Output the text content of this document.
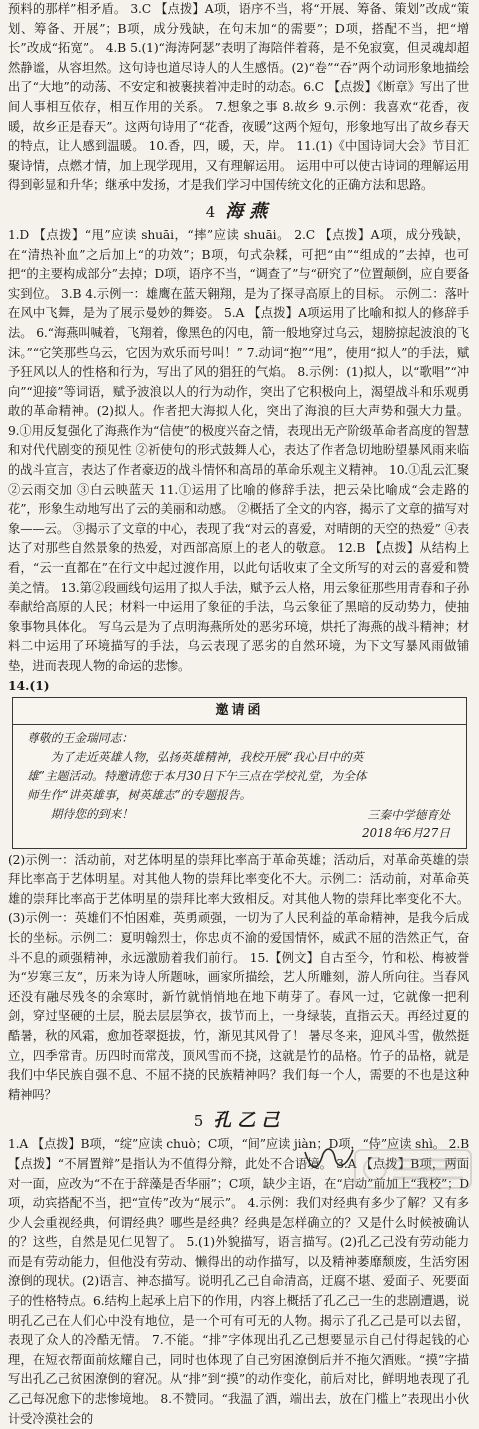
预料的那样”相矛盾。 3.C 【点拨】A项，语序不当，将“开展、筹备、策划”改成“策划、筹备、开展”；B项，成分残缺，在句末加“的需要”；D项，搭配不当，把“增长”改成“拓宽”。 4.B 5.(1)“海涛阿瑟”表明了海陪伴着蒋，是不免寂寞，但灵魂却超然静谧，从容坦然。这句诗也道尽诗人的人生感悟。(2)“卷”“吞”两个动词形象地描绘出了“大地”的动荡、不安定和被裹挟着冲走时的动态。6.C 【点拨】《断章》写出了世间人事相互依存，相互作用的关系。 7.想象之事 8.故乡 9.示例：我喜欢“花香，夜暖，故乡正是春天”。这两句诗用了“花香，夜暖”这两个短句，形象地写出了故乡春天的特点，让人感到温暖。 10.香，四，暖，天，岸。 11.(1)《中国诗词大会》节目汇聚诗情，点燃才情，加上现学现用，又有理解运用。 运用中可以使古诗词的理解运用得到彰显和升华；继承中发扬，才是我们学习中国传统文化的正确方法和思路。

4 海燕

1.D 【点拨】“甩”应读 shuāi，“摔”应读 shuāi。 2.C 【点拨】A项，成分残缺，在“清热补血”之后加上“的功效”；B项，句式杂糅，可把“由”“组成的”去掉，也可把“的主要构成部分”去掉；D项，语序不当，“调查了”与“研究了”位置颠倒，应自要备实到位。 3.B 4.示例一：雄鹰在蓝天翱翔，是为了探寻高原上的目标。 示例二：落叶在风中飞舞，是为了展示曼妙的舞姿。 5.A 【点拨】A项运用了比喻和拟人的修辞手法。 6.“海燕叫喊着，飞翔着，像黑色的闪电，箭一般地穿过乌云，翅膀掠起波浪的飞沫。”“它笑那些乌云，它因为欢乐而号叫！” 7.动词“抱”“甩”，使用“拟人”的手法，赋予狂风以人的性格和行为，写出了风的猖狂的气焰。 8.示例：(1)拟人，以“歌唱”“冲向”“迎接”等词语，赋予波浪以人的行为动作，突出了它积极向上，渴望战斗和乐观勇敢的革命精神。(2)拟人。作者把大海拟人化，突出了海浪的巨大声势和强大力量。 9.①用反复强化了海燕作为“信使”的极度兴奋之情，表现出无产阶级革命者高度的智慧和对代代剧变的预见性 ②祈使句的形式鼓舞人心，表达了作者急切地盼望暴风雨来临的战斗宣言，表达了作者豪迈的战斗情怀和高昂的革命乐观主义精神。 10.①乱云汇聚 ②云雨交加 ③白云映蓝天 11.①运用了比喻的修辞手法，把云朵比喻成“会走路的花”，形象生动地写出了云的美丽和动感。 ②概括了全文的内容，揭示了文章的描写对象——云。 ③揭示了文章的中心，表现了我“对云的喜爱，对晴朗的天空的热爱” ④表达了对那些自然景象的热爱，对西部高原上的老人的敬意。 12.B 【点拨】从结构上看，“云一直都在”在行文中起过渡作用，以此句话收束了全文所写的对云的喜爱和赞美之情。 13.第②段画线句运用了拟人手法，赋予云人格，用云象征那些用青春和子孙奉献给高原的人民；材料一中运用了象征的手法，乌云象征了黑暗的反动势力，使抽象事物具体化。 写乌云是为了点明海燕所处的恶劣环境，烘托了海燕的战斗精神；材料二中运用了环境描写的手法，乌云表现了恶劣的自然环境，为下文写暴风雨做铺垫，进而表现人物的命运的悲惨。

14.(1)
邀请函
尊敬的王金瑞同志：
为了走近英雄人物，弘扬英雄精神，我校开展“我心目中的英
雄”主题活动。特邀请您于本月30日下午三点在学校礼堂，为全体
师生作“讲英雄事，树英雄志”的专题报告。
期待您的到来！	三秦中学德育处
2018年6月27日

(2)示例一：活动前，对艺体明星的崇拜比率高于革命英雄；活动后，对革命英雄的崇拜比率高于艺体明星。对其他人物的崇拜比率变化不大。示例二：活动前，对革命英雄的崇拜比率高于艺体明星的崇拜比率大致相反。对其他人物的崇拜比率变化不大。(3)示例一：英雄们不怕困难，英勇顽强，一切为了人民利益的革命精神，是我今后成长的坐标。示例二：夏明翰烈士，你忠贞不渝的爱国情怀，威武不屈的浩然正气，奋斗不息的顽强精神，永远激励着我们前行。 15.【例文】自古至今，竹和松、梅被誉为“岁寒三友”，历来为诗人所题咏，画家所描绘，艺人所雕刻，游人所向往。当春风还没有融尽残冬的余寒时，新竹就悄悄地在地下萌芽了。春风一过，它就像一把利剑，穿过坚硬的土层，脱去层层笋衣，拔节而上，一身绿装，直指云天。再经过夏的酷暑，秋的风霜，愈加苍翠挺拔，竹，渐见其风骨了！ 暑尽冬来，迎风斗雪，傲然挺立，四季常青。历四时而常茂，顶风雪而不挠，这就是竹的品格。竹子的品格，就是我们中华民族自强不息、不屈不挠的民族精神吗？我们每一个人，需要的不也是这种精神吗？

5 孔乙己

1.A 【点拨】B项，“绽”应读 chuò；C项，“间”应读 jiàn；D项，“侍”应读 shì。 2.B 【点拨】“不屑置辩”是指认为不值得分辩，此处不合语境。 3.A 【点拨】B项，两面对一面，应改为“不在于辞藻是否华丽”；C项，缺少主语，在“启动”前加上“我校”；D项，动宾搭配不当，把“宣传”改为“展示”。 4.示例：我们对经典有多少了解？又有多少人会重视经典，何谓经典？哪些是经典？经典是怎样确立的？又是什么时候被确认的？这些，自然是见仁见智了。 5.(1)外貌描写，语言描写。(2)孔乙己没有劳动能力而是有劳动能力，但他没有劳动、懒得出的动作描写，以及精神萎靡颓废，生活穷困潦倒的现状。(2)语言、神态描写。说明孔乙己自命清高，迂腐不堪、爱面子、死要面子的性格特点。6.结构上起承上启下的作用，内容上概括了孔乙己一生的悲剧遭遇，说明孔乙己在人们心中没有地位，是一个可有可无的人物。揭示了孔乙己是可以去留，表现了众人的冷酷无情。 7.不能。“排”字体现出孔乙己想要显示自己付得起钱的心理，在短衣帮面前炫耀自己，同时也体现了自己穷困潦倒后并不拖欠酒账。“摸”字描写出孔乙己贫困潦倒的窘况。从“排”到“摸”的动作变化，前后对比，鲜明地表现了孔乙己每况愈下的悲惨境地。 8.不赞同。“我温了酒，端出去，放在门槛上”表现出小伙计受冷漠社会的
